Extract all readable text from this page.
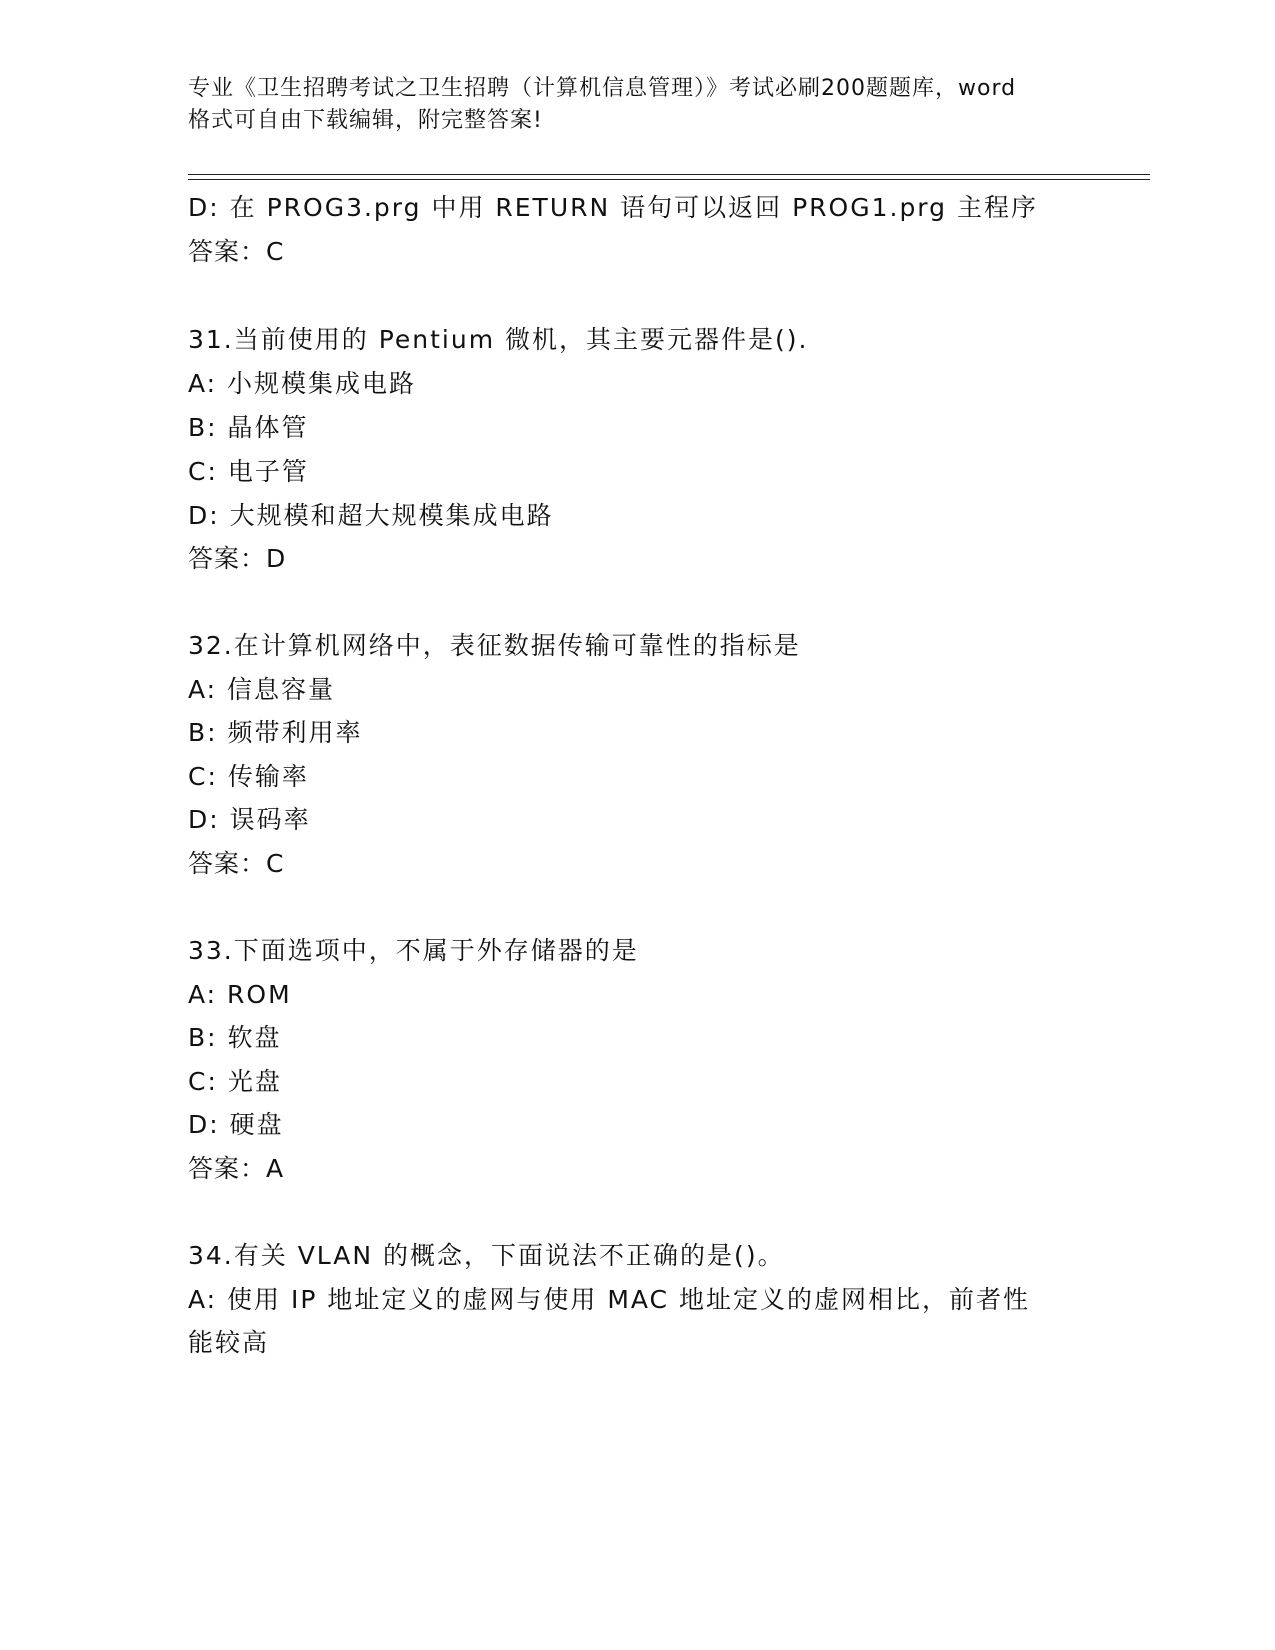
专业《卫生招聘考试之卫生招聘（计算机信息管理）》考试必刷200题题库，word
格式可自由下载编辑，附完整答案!
D: 在 PROG3.prg 中用 RETURN 语句可以返回 PROG1.prg 主程序
答案：C
31.当前使用的 Pentium 微机，其主要元器件是().
A: 小规模集成电路
B: 晶体管
C: 电子管
D: 大规模和超大规模集成电路
答案：D
32.在计算机网络中，表征数据传输可靠性的指标是
A: 信息容量
B: 频带利用率
C: 传输率
D: 误码率
答案：C
33.下面选项中，不属于外存储器的是
A: ROM
B: 软盘
C: 光盘
D: 硬盘
答案：A
34.有关 VLAN 的概念，下面说法不正确的是()。
A: 使用 IP 地址定义的虚网与使用 MAC 地址定义的虚网相比，前者性
能较高
